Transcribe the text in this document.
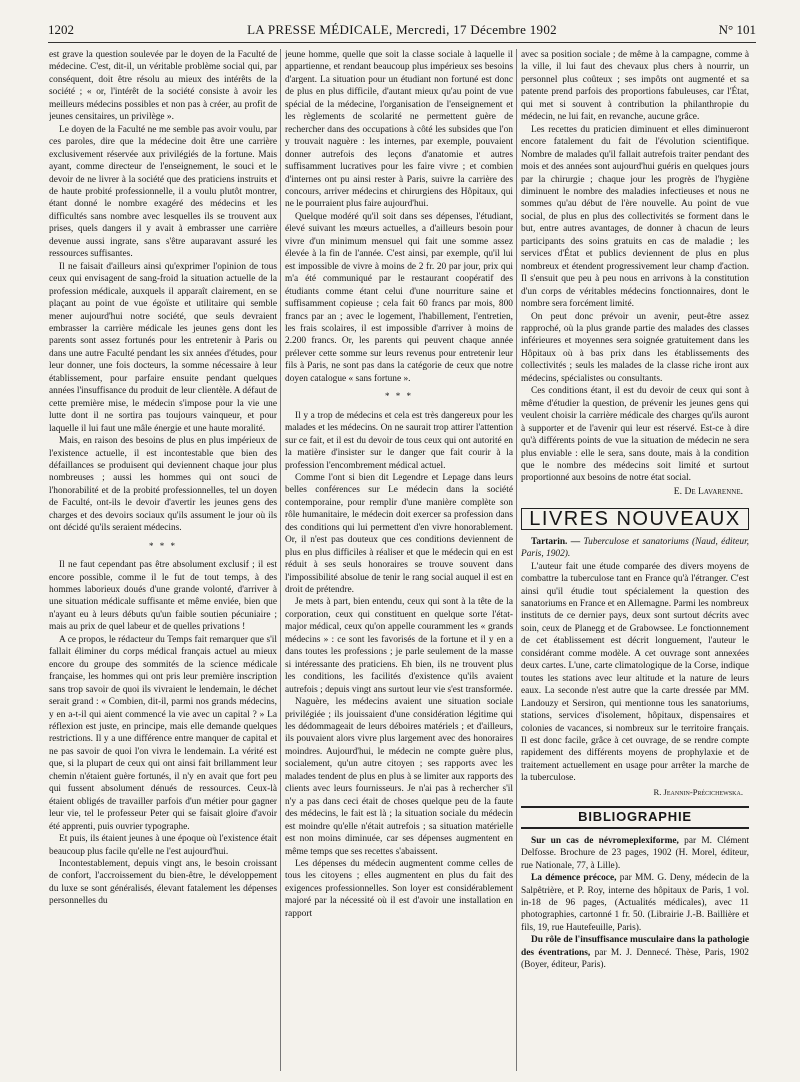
1202	LA PRESSE MÉDICALE, Mercredi, 17 Décembre 1902	N° 101

est grave la question soulevée par le doyen de la Faculté de médecine. C'est, dit-il, un véritable problème social qui, par conséquent, doit être résolu au mieux des intérêts de la société ; « or, l'intérêt de la société consiste à avoir les meilleurs médecins possibles et non pas à créer, au profit de jeunes censitaires, un privilège ».

Le doyen de la Faculté ne me semble pas avoir voulu, par ces paroles, dire que la médecine doit être une carrière exclusivement réservée aux privilégiés de la fortune. Mais ayant, comme directeur de l'enseignement, le souci et le devoir de ne livrer à la société que des praticiens instruits et de haute probité professionnelle, il a voulu plutôt montrer, étant donné le nombre exagéré des médecins et les difficultés sans nombre avec lesquelles ils se trouvent aux prises, quels dangers il y avait à embrasser une carrière devenue aussi ingrate, sans s'être auparavant assuré les ressources suffisantes.

Il ne faisait d'ailleurs ainsi qu'exprimer l'opinion de tous ceux qui envisagent de sang-froid la situation actuelle de la profession médicale, auxquels il apparaît clairement, en se plaçant au point de vue égoïste et utilitaire qui semble mener aujourd'hui notre société, que seuls devraient embrasser la carrière médicale les jeunes gens dont les parents sont assez fortunés pour les entretenir à Paris ou dans une autre Faculté pendant les six années d'études, pour leur donner, une fois docteurs, la somme nécessaire à leur établissement, pour parfaire ensuite pendant quelques années l'insuffisance du produit de leur clientèle. A défaut de cette première mise, le médecin s'impose pour la vie une lutte dont il ne sortira pas toujours vainqueur, et pour laquelle il lui faut une mâle énergie et une haute moralité.

Mais, en raison des besoins de plus en plus impérieux de l'existence actuelle, il est incontestable que bien des défaillances se produisent qui deviennent chaque jour plus nombreuses ; aussi les hommes qui ont souci de l'honorabilité et de la probité professionnelles, tel un doyen de Faculté, ont-ils le devoir d'avertir les jeunes gens des charges et des devoirs sociaux qu'ils assument le jour où ils ont décidé qu'ils seraient médecins.

* * *

Il ne faut cependant pas être absolument exclusif ; il est encore possible, comme il le fut de tout temps, à des hommes laborieux doués d'une grande volonté, d'arriver à une situation médicale suffisante et même enviée, bien que n'ayant eu à leurs débuts qu'un faible soutien pécuniaire ; mais au prix de quel labeur et de quelles privations !

A ce propos, le rédacteur du Temps fait remarquer que s'il fallait éliminer du corps médical français actuel au mieux encore du groupe des sommités de la science médicale française, les hommes qui ont pris leur première inscription sans trop savoir de quoi ils vivraient le lendemain, le déchet serait grand : « Combien, dit-il, parmi nos grands médecins, y en a-t-il qui aient commencé la vie avec un capital ? » La réflexion est juste, en principe, mais elle demande quelques restrictions. Il y a une différence entre manquer de capital et ne pas savoir de quoi l'on vivra le lendemain. La vérité est que, si la plupart de ceux qui ont ainsi fait brillamment leur chemin n'étaient guère fortunés, il n'y en avait que fort peu qui fussent absolument dénués de ressources. Ceux-là étaient obligés de travailler parfois d'un métier pour gagner leur vie, tel le professeur Peter qui se faisait gloire d'avoir été apprenti, puis ouvrier typographe.

Et puis, ils étaient jeunes à une époque où l'existence était beaucoup plus facile qu'elle ne l'est aujourd'hui.

Incontestablement, depuis vingt ans, le besoin croissant de confort, l'accroissement du bien-être, le développement du luxe se sont généralisés, élevant fatalement les dépenses personnelles du

jeune homme, quelle que soit la classe sociale à laquelle il appartienne, et rendant beaucoup plus impérieux ses besoins d'argent. La situation pour un étudiant non fortuné est donc de plus en plus difficile, d'autant mieux qu'au point de vue spécial de la médecine, l'organisation de l'enseignement et les règlements de scolarité ne permettent guère de rechercher dans des occupations à côté les subsides que l'on y trouvait naguère : les internes, par exemple, pouvaient donner autrefois des leçons d'anatomie et autres suffisamment lucratives pour les faire vivre ; et combien d'internes ont pu ainsi rester à Paris, suivre la carrière des concours, arriver médecins et chirurgiens des Hôpitaux, qui ne le pourraient plus faire aujourd'hui.

Quelque modéré qu'il soit dans ses dépenses, l'étudiant, élevé suivant les mœurs actuelles, a d'ailleurs besoin pour vivre d'un minimum mensuel qui fait une somme assez élevée à la fin de l'année. C'est ainsi, par exemple, qu'il lui est impossible de vivre à moins de 2 fr. 20 par jour, prix qui m'a été communiqué par le restaurant coopératif des étudiants comme étant celui d'une nourriture saine et suffisamment copieuse ; cela fait 60 francs par mois, 800 francs par an ; avec le logement, l'habillement, l'entretien, les frais scolaires, il est impossible d'arriver à moins de 2.200 francs. Or, les parents qui peuvent chaque année prélever cette somme sur leurs revenus pour entretenir leur fils à Paris, ne sont pas dans la catégorie de ceux que notre doyen catalogue « sans fortune ».

* * *

Il y a trop de médecins et cela est très dangereux pour les malades et les médecins. On ne saurait trop attirer l'attention sur ce fait, et il est du devoir de tous ceux qui ont autorité en la matière d'insister sur le danger que fait courir à la profession l'encombrement médical actuel.

Comme l'ont si bien dit Legendre et Lepage dans leurs belles conférences sur Le médecin dans la société contemporaine, pour remplir d'une manière complète son rôle humanitaire, le médecin doit exercer sa profession dans des conditions qui lui permettent d'en vivre honorablement. Or, il n'est pas douteux que ces conditions deviennent de plus en plus difficiles à réaliser et que le médecin qui en est réduit à ses seuls honoraires se trouve souvent dans l'impossibilité absolue de tenir le rang social auquel il est en droit de prétendre.

Je mets à part, bien entendu, ceux qui sont à la tête de la corporation, ceux qui constituent en quelque sorte l'état-major médical, ceux qu'on appelle couramment les « grands médecins » : ce sont les favorisés de la fortune et il y en a dans toutes les professions ; je parle seulement de la masse si intéressante des praticiens. Eh bien, ils ne trouvent plus les conditions, les facilités d'existence qu'ils avaient autrefois ; depuis vingt ans surtout leur vie s'est transformée.

Naguère, les médecins avaient une situation sociale privilégiée ; ils jouissaient d'une considération légitime qui les dédommageait de leurs déboires matériels ; et d'ailleurs, ils pouvaient alors vivre plus largement avec des honoraires moindres. Aujourd'hui, le médecin ne compte guère plus, socialement, qu'un autre citoyen ; ses rapports avec les malades tendent de plus en plus à se limiter aux rapports des clients avec leurs fournisseurs. Je n'ai pas à rechercher s'il n'y a pas dans ceci était de choses quelque peu de la faute des médecins, le fait est là ; la situation sociale du médecin est moindre qu'elle n'était autrefois ; sa situation matérielle est non moins diminuée, car ses dépenses augmentent en même temps que ses recettes s'abaissent.

Les dépenses du médecin augmentent comme celles de tous les citoyens ; elles augmentent en plus du fait des exigences professionnelles. Son loyer est considérablement majoré par la nécessité où il est d'avoir une installation en rapport

avec sa position sociale ; de même à la campagne, comme à la ville, il lui faut des chevaux plus chers à nourrir, un personnel plus coûteux ; ses impôts ont augmenté et sa patente prend parfois des proportions fabuleuses, car l'État, qui met si souvent à contribution la philanthropie du médecin, ne lui fait, en revanche, aucune grâce.

Les recettes du praticien diminuent et elles diminueront encore fatalement du fait de l'évolution scientifique. Nombre de malades qu'il fallait autrefois traiter pendant des mois et des années sont aujourd'hui guéris en quelques jours par la chirurgie ; chaque jour les progrès de l'hygiène diminuent le nombre des maladies infectieuses et nous ne sommes qu'au début de l'ère nouvelle. Au point de vue social, de plus en plus des collectivités se forment dans le but, entre autres avantages, de donner à chacun de leurs participants des soins gratuits en cas de maladie ; les services d'État et publics deviennent de plus en plus nombreux et étendent progressivement leur champ d'action. Il s'ensuit que peu à peu nous en arrivons à la constitution d'un corps de véritables médecins fonctionnaires, dont le nombre sera forcément limité.

On peut donc prévoir un avenir, peut-être assez rapproché, où la plus grande partie des malades des classes inférieures et moyennes sera soignée gratuitement dans les Hôpitaux où à bas prix dans les établissements des collectivités ; seuls les malades de la classe riche iront aux médecins, spécialistes ou consultants.

Ces conditions étant, il est du devoir de ceux qui sont à même d'étudier la question, de prévenir les jeunes gens qui veulent choisir la carrière médicale des charges qu'ils auront à supporter et de l'avenir qui leur est réservé. Est-ce à dire qu'à différents points de vue la situation de médecin ne sera plus enviable : elle le sera, sans doute, mais à la condition que le nombre des médecins soit limité et surtout proportionné aux besoins de notre état social.

E. De Lavarenne.
LIVRES NOUVEAUX

Tartarin. — Tuberculose et sanatoriums (Naud, éditeur, Paris, 1902).

L'auteur fait une étude comparée des divers moyens de combattre la tuberculose tant en France qu'à l'étranger. C'est ainsi qu'il étudie tout spécialement la question des sanatoriums en France et en Allemagne. Parmi les nombreux instituts de ce dernier pays, deux sont surtout décrits avec soin, ceux de Planegg et de Grabowsee. Le fonctionnement de cet établissement est décrit longuement, l'auteur le considérant comme modèle. A cet ouvrage sont annexées deux cartes. L'une, carte climatologique de la Corse, indique toutes les stations avec leur altitude et la nature de leurs eaux. La seconde n'est autre que la carte dressée par MM. Landouzy et Sersiron, qui mentionne tous les sanatoriums, stations, services d'isolement, hôpitaux, dispensaires et colonies de vacances, si nombreux sur le territoire français. Il est donc facile, grâce à cet ouvrage, de se rendre compte rapidement des différents moyens de prophylaxie et de traitement actuellement en usage pour arrêter la marche de la tuberculose.

R. Jeannin-Précichewska.
BIBLIOGRAPHIE

Sur un cas de névromeplexiforme, par M. Clément Delfosse. Brochure de 23 pages, 1902 (H. Morel, éditeur, rue Nationale, 77, à Lille).

La démence précoce, par MM. G. Deny, médecin de la Salpêtrière, et P. Roy, interne des hôpitaux de Paris, 1 vol. in-18 de 96 pages, (Actualités médicales), avec 11 photographies, cartonné 1 fr. 50. (Librairie J.-B. Baillière et fils, 19, rue Hautefeuille, Paris).

Du rôle de l'insuffisance musculaire dans la pathologie des éventrations, par M. J. Dennecé. Thèse, Paris, 1902 (Boyer, éditeur, Paris).
